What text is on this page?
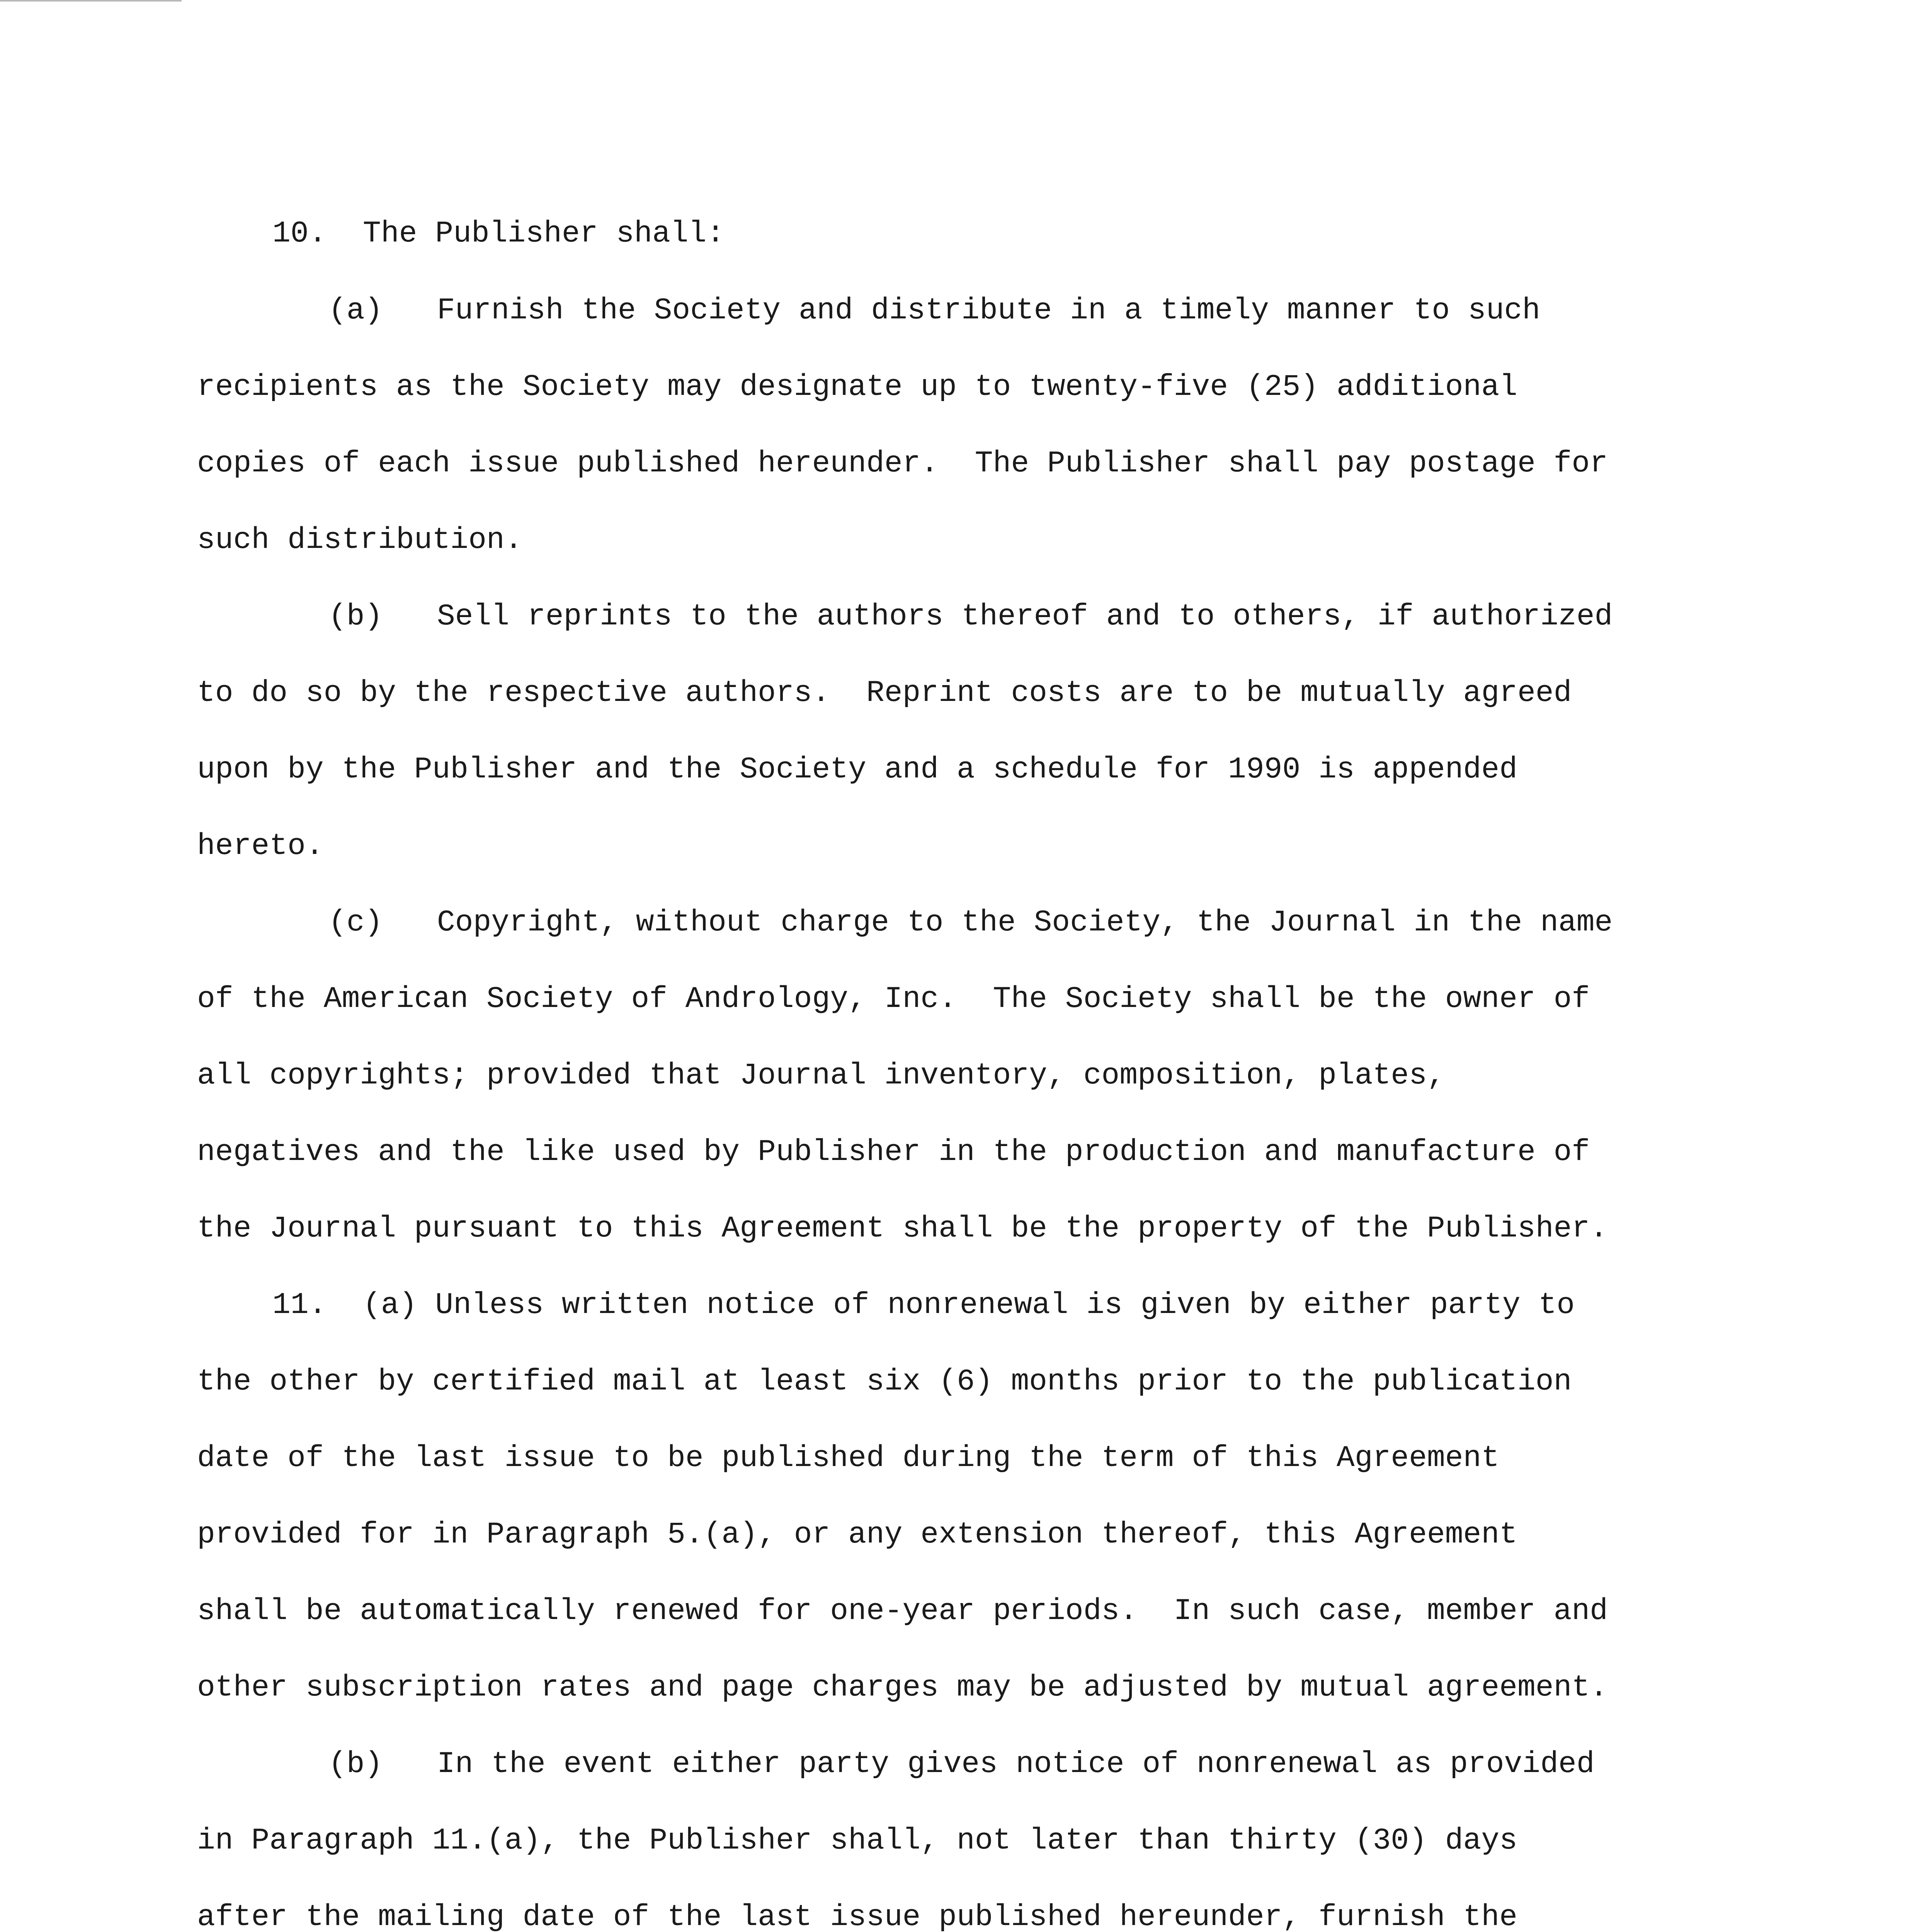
10.  The Publisher shall:
(a)   Furnish the Society and distribute in a timely manner to such
recipients as the Society may designate up to twenty-five (25) additional
copies of each issue published hereunder.  The Publisher shall pay postage for
such distribution.
(b)   Sell reprints to the authors thereof and to others, if authorized
to do so by the respective authors.  Reprint costs are to be mutually agreed
upon by the Publisher and the Society and a schedule for 1990 is appended
hereto.
(c)   Copyright, without charge to the Society, the Journal in the name
of the American Society of Andrology, Inc.  The Society shall be the owner of
all copyrights; provided that Journal inventory, composition, plates,
negatives and the like used by Publisher in the production and manufacture of
the Journal pursuant to this Agreement shall be the property of the Publisher.
11.  (a) Unless written notice of nonrenewal is given by either party to
the other by certified mail at least six (6) months prior to the publication
date of the last issue to be published during the term of this Agreement
provided for in Paragraph 5.(a), or any extension thereof, this Agreement
shall be automatically renewed for one-year periods.  In such case, member and
other subscription rates and page charges may be adjusted by mutual agreement.
(b)   In the event either party gives notice of nonrenewal as provided
in Paragraph 11.(a), the Publisher shall, not later than thirty (30) days
after the mailing date of the last issue published hereunder, furnish the
